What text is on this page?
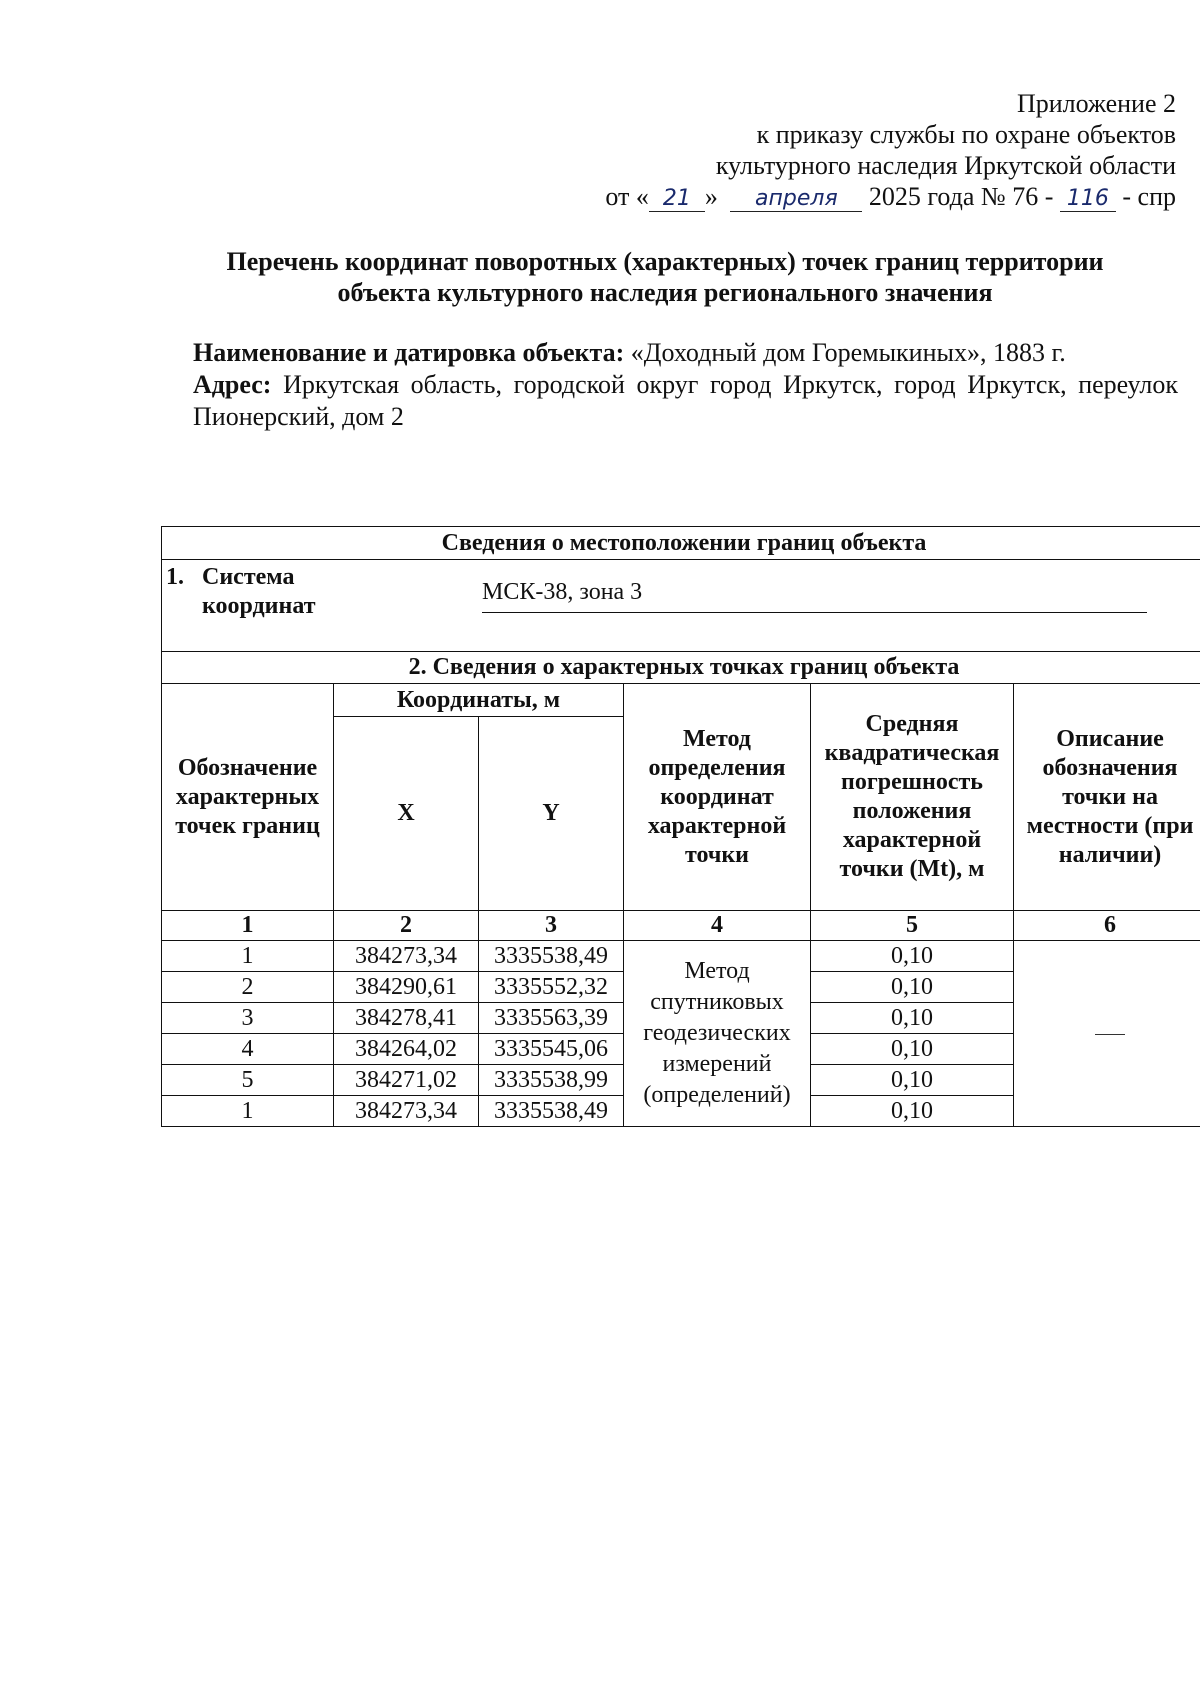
Приложение 2
к приказу службы по охране объектов
культурного наследия Иркутской области
от « 21 » апреля 2025 года № 76 - 116 - спр
Перечень координат поворотных (характерных) точек границ территории
объекта культурного наследия регионального значения
Наименование и датировка объекта: «Доходный дом Горемыкиных», 1883 г.
Адрес: Иркутская область, городской округ город Иркутск, город Иркутск, переулок Пионерский, дом 2
Сведения о местоположении границ объекта					

1. Система
координат
МСК-38, зона 3					

2. Сведения о характерных точках границ объекта					
Обозначение характерных точек границ	Координаты, м		Метод определения координат характерной точки	Средняя квадратическая погрешность положения характерной точки (Mt), м	Описание обозначения точки на местности (при наличии)
	X	Y			
1	2	3	4	5	6
1	384273,34	3335538,49	Метод спутниковых геодезических измерений (определений)	0,10	
2	384290,61	3335552,32		0,10	
3	384278,41	3335563,39		0,10	
4	384264,02	3335545,06		0,10	
5	384271,02	3335538,99		0,10	
1	384273,34	3335538,49		0,10	
